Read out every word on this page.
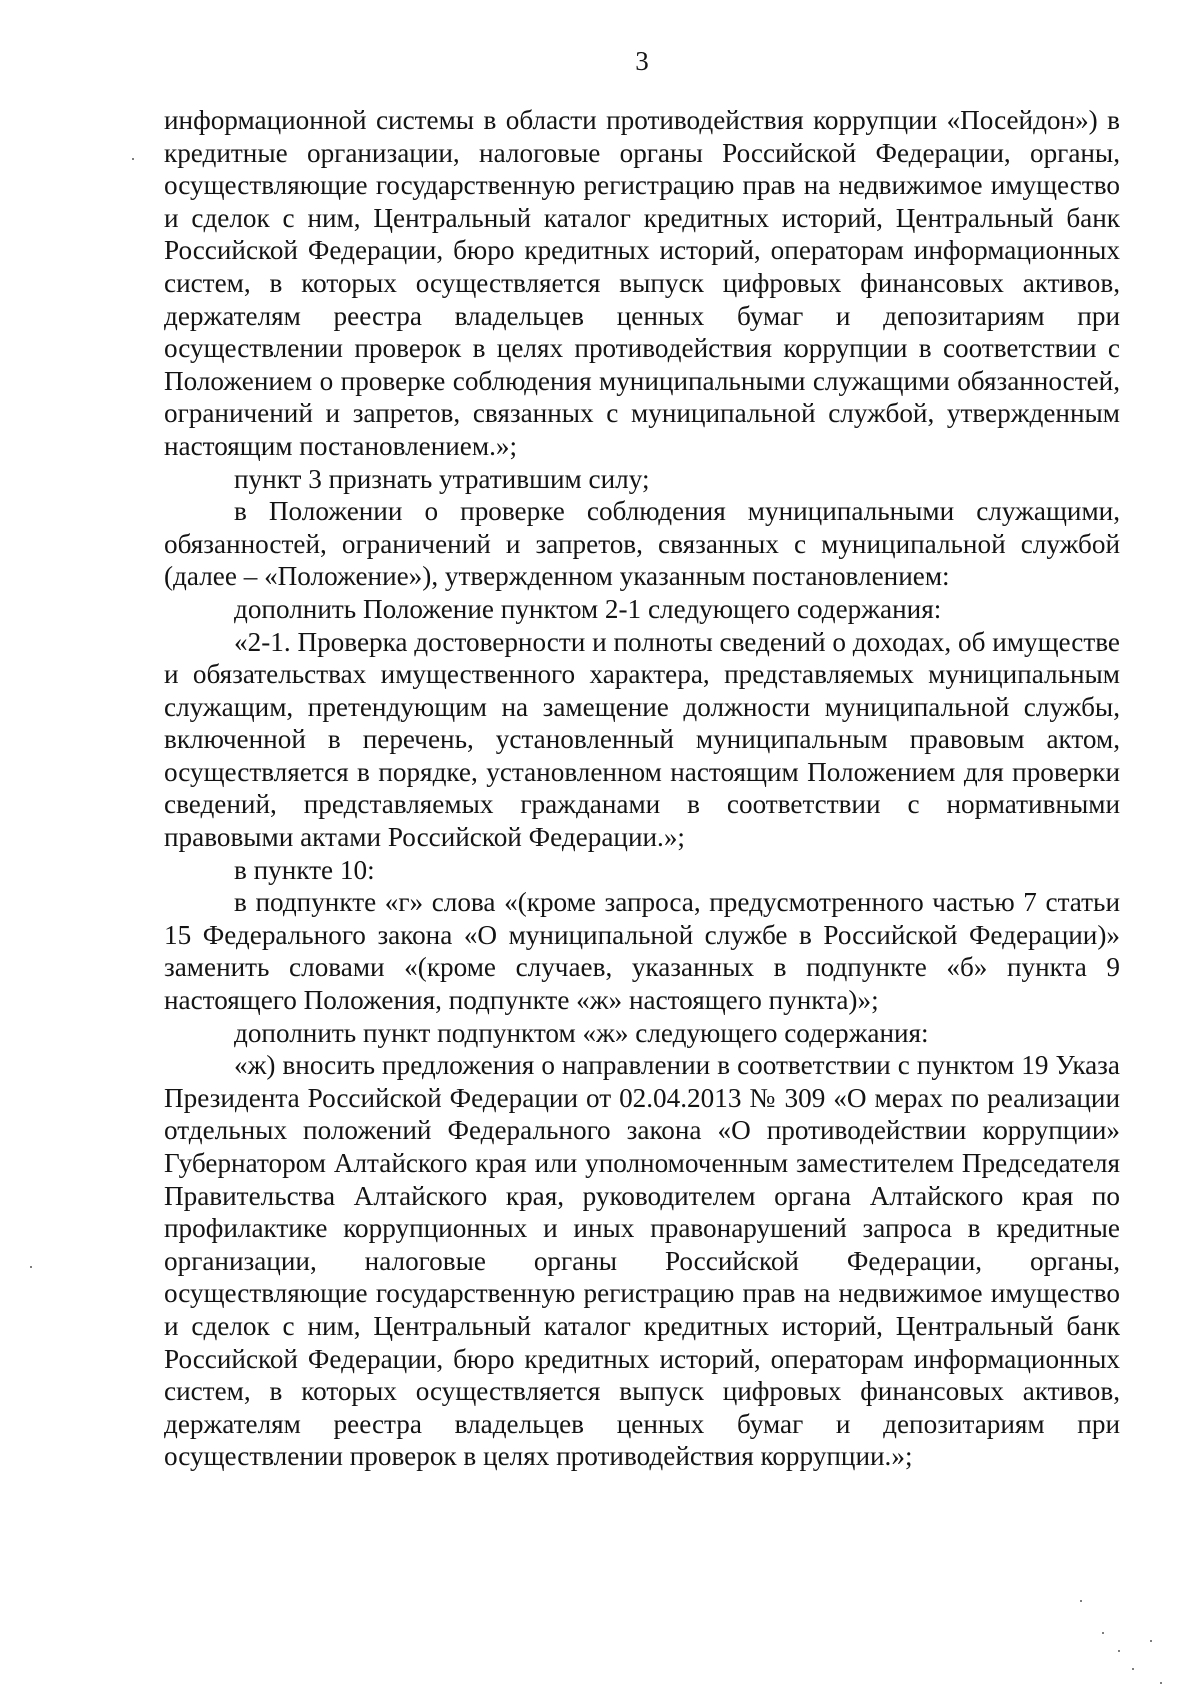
3

информационной системы в области противодействия коррупции «Посейдон») в кредитные организации, налоговые органы Российской Федерации, органы, осуществляющие государственную регистрацию прав на недвижимое имущество и сделок с ним, Центральный каталог кредитных историй, Центральный банк Российской Федерации, бюро кредитных историй, операторам информационных систем, в которых осуществляется выпуск цифровых финансовых активов, держателям реестра владельцев ценных бумаг и депозитариям при осуществлении проверок в целях противодействия коррупции в соответствии с Положением о проверке соблюдения муниципальными служащими обязанностей, ограничений и запретов, связанных с муниципальной службой, утвержденным настоящим постановлением.»;

пункт 3 признать утратившим силу;

в Положении о проверке соблюдения муниципальными служащими, обязанностей, ограничений и запретов, связанных с муниципальной службой (далее – «Положение»), утвержденном указанным постановлением:

дополнить Положение пунктом 2-1 следующего содержания:

«2-1. Проверка достоверности и полноты сведений о доходах, об имуществе и обязательствах имущественного характера, представляемых муниципальным служащим, претендующим на замещение должности муниципальной службы, включенной в перечень, установленный муниципальным правовым актом, осуществляется в порядке, установленном настоящим Положением для проверки сведений, представляемых гражданами в соответствии с нормативными правовыми актами Российской Федерации.»;

в пункте 10:

в подпункте «г» слова «(кроме запроса, предусмотренного частью 7 статьи 15 Федерального закона «О муниципальной службе в Российской Федерации)» заменить словами «(кроме случаев, указанных в подпункте «б» пункта 9 настоящего Положения, подпункте «ж» настоящего пункта)»;

дополнить пункт подпунктом «ж» следующего содержания:

«ж) вносить предложения о направлении в соответствии с пунктом 19 Указа Президента Российской Федерации от 02.04.2013 № 309 «О мерах по реализации отдельных положений Федерального закона «О противодействии коррупции» Губернатором Алтайского края или уполномоченным заместителем Председателя Правительства Алтайского края, руководителем органа Алтайского края по профилактике коррупционных и иных правонарушений запроса в кредитные организации, налоговые органы Российской Федерации, органы, осуществляющие государственную регистрацию прав на недвижимое имущество и сделок с ним, Центральный каталог кредитных историй, Центральный банк Российской Федерации, бюро кредитных историй, операторам информационных систем, в которых осуществляется выпуск цифровых финансовых активов, держателям реестра владельцев ценных бумаг и депозитариям при осуществлении проверок в целях противодействия коррупции.»;
